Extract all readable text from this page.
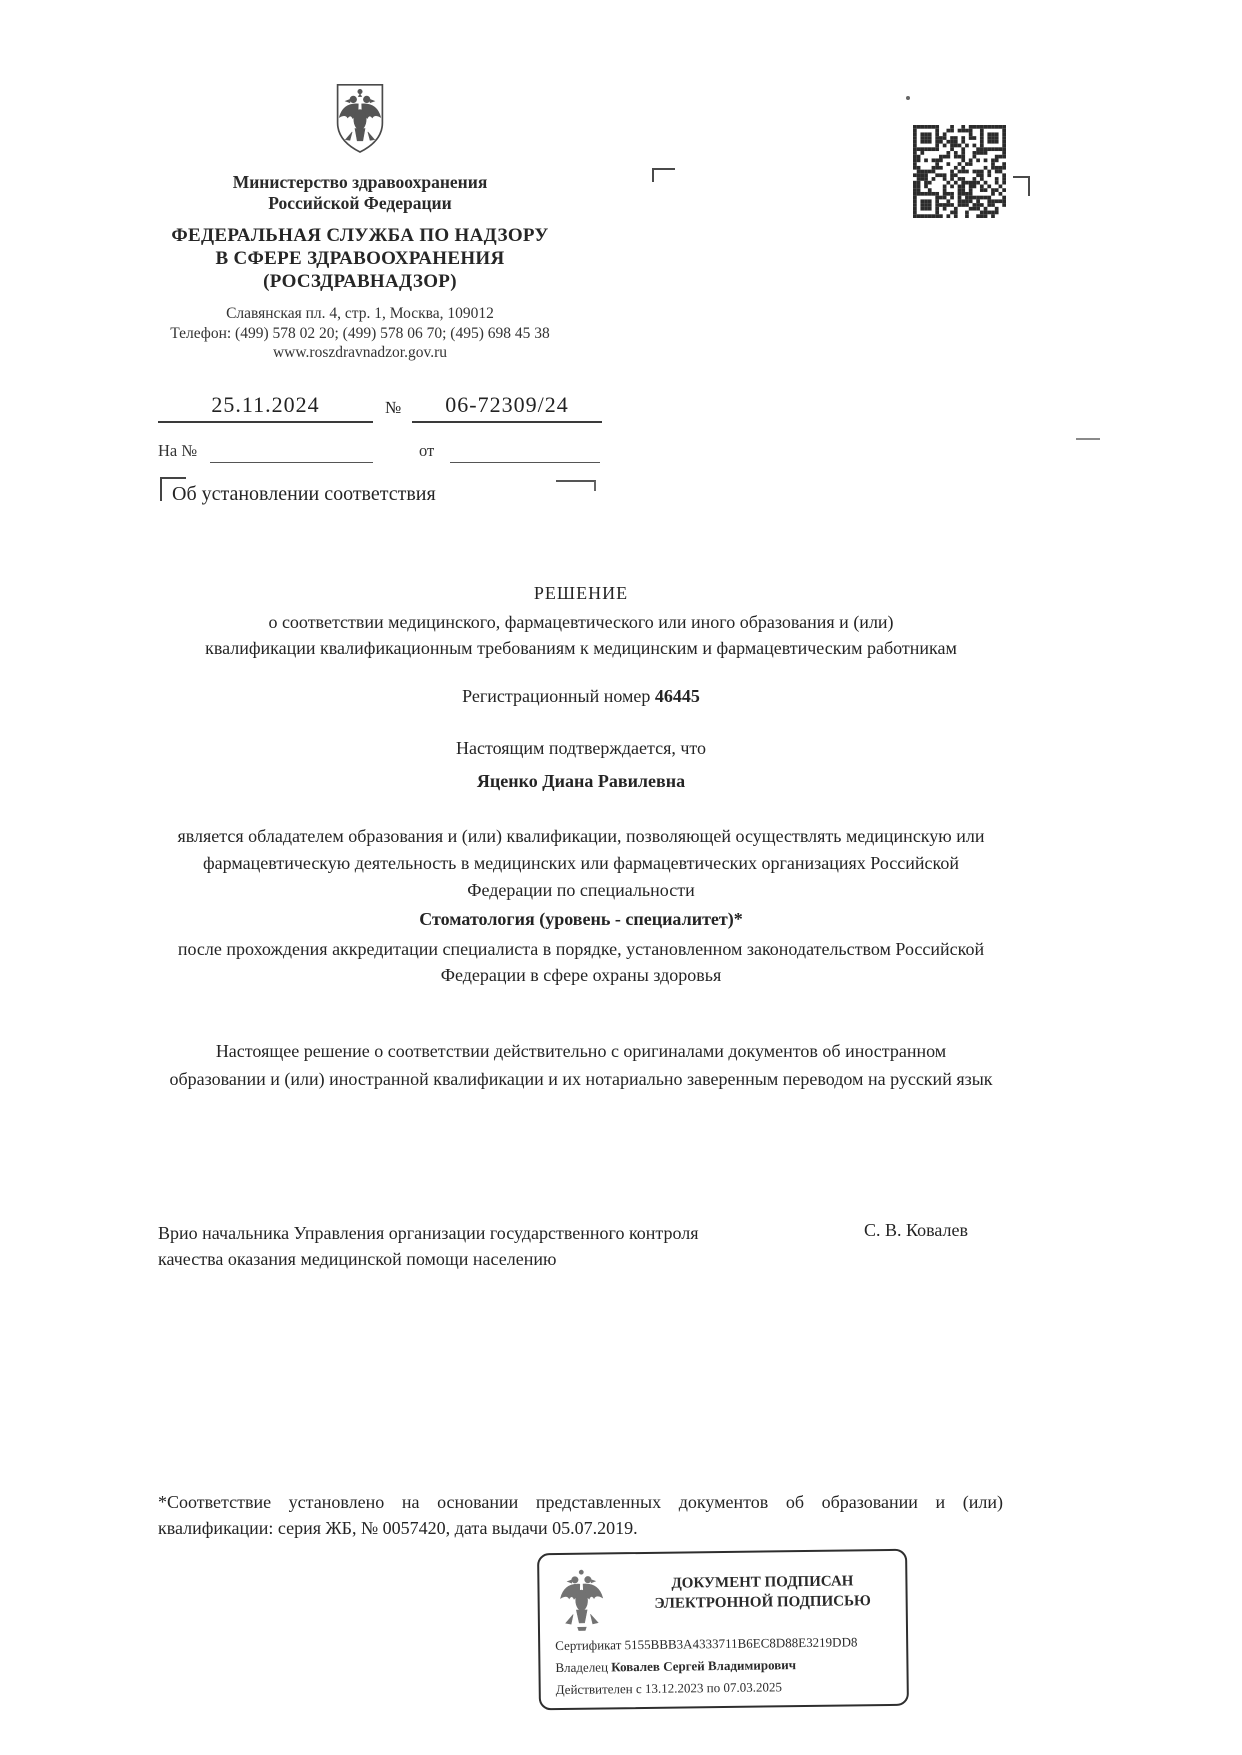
Министерство здравоохранения
Российской Федерации
ФЕДЕРАЛЬНАЯ СЛУЖБА ПО НАДЗОРУ
В СФЕРЕ ЗДРАВООХРАНЕНИЯ
(РОСЗДРАВНАДЗОР)
Славянская пл. 4, стр. 1, Москва, 109012
Телефон: (499) 578 02 20; (499) 578 06 70; (495) 698 45 38
www.roszdravnadzor.gov.ru
25.11.2024	№	06-72309/24
На №	от
Об установлении соответствия
РЕШЕНИЕ
о соответствии медицинского, фармацевтического или иного образования и (или)
квалификации квалификационным требованиям к медицинским и фармацевтическим работникам
Регистрационный номер 46445
Настоящим подтверждается, что
Яценко Диана Равилевна
является обладателем образования и (или) квалификации, позволяющей осуществлять медицинскую или фармацевтическую деятельность в медицинских или фармацевтических организациях Российской Федерации по специальности
Стоматология (уровень - специалитет)*
после прохождения аккредитации специалиста в порядке, установленном законодательством Российской Федерации в сфере охраны здоровья
Настоящее решение о соответствии действительно с оригиналами документов об иностранном образовании и (или) иностранной квалификации и их нотариально заверенным переводом на русский язык
Врио начальника Управления организации государственного контроля
качества оказания медицинской помощи населению
С. В. Ковалев
*Соответствие установлено на основании представленных документов об образовании и (или) квалификации: серия ЖБ, № 0057420, дата выдачи 05.07.2019.
ДОКУМЕНТ ПОДПИСАН
ЭЛЕКТРОННОЙ ПОДПИСЬЮ
Сертификат 5155BBB3A4333711B6EC8D88E3219DD8
Владелец Ковалев Сергей Владимирович
Действителен с 13.12.2023 по 07.03.2025
